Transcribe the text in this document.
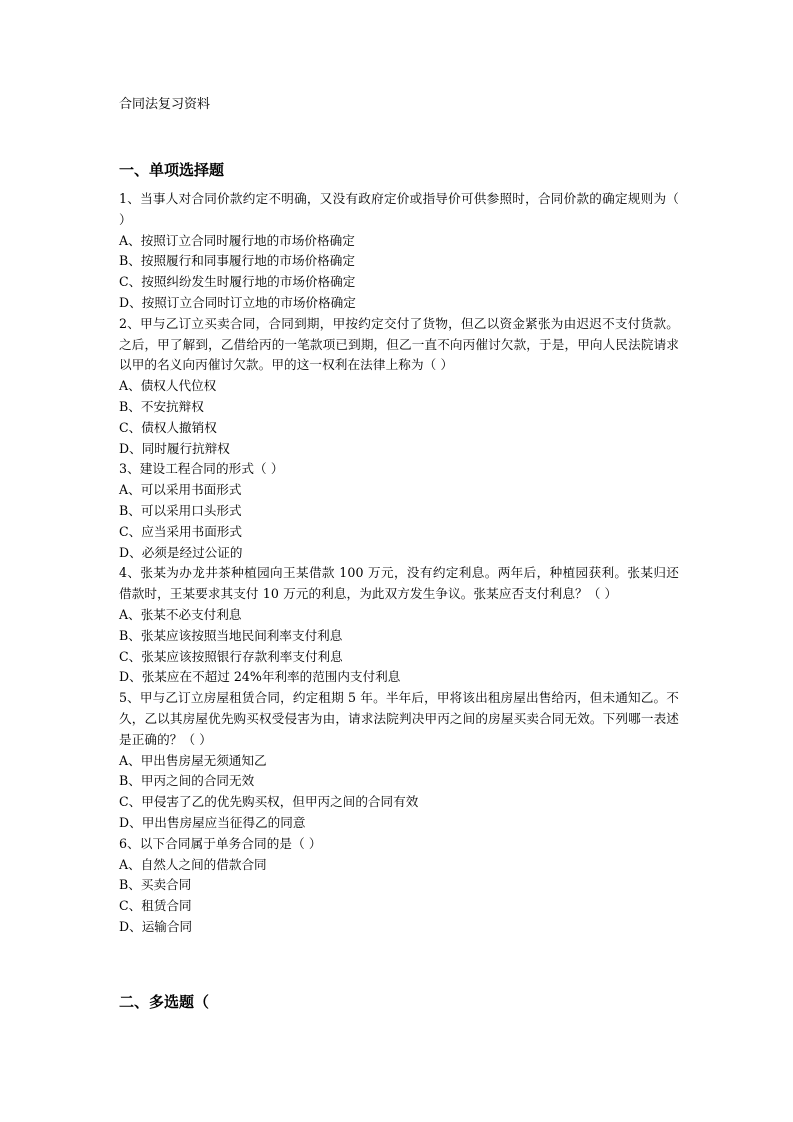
合同法复习资料
一、单项选择题

1、当事人对合同价款约定不明确，又没有政府定价或指导价可供参照时，合同价款的确定规则为（ ）

A、按照订立合同时履行地的市场价格确定

B、按照履行和同事履行地的市场价格确定

C、按照纠纷发生时履行地的市场价格确定

D、按照订立合同时订立地的市场价格确定

2、甲与乙订立买卖合同，合同到期，甲按约定交付了货物，但乙以资金紧张为由迟迟不支付货款。之后，甲了解到，乙借给丙的一笔款项已到期，但乙一直不向丙催讨欠款，于是，甲向人民法院请求以甲的名义向丙催讨欠款。甲的这一权利在法律上称为（ ）

A、债权人代位权

B、不安抗辩权

C、债权人撤销权

D、同时履行抗辩权

3、建设工程合同的形式（ ）

A、可以采用书面形式

B、可以采用口头形式

C、应当采用书面形式

D、必须是经过公证的

4、张某为办龙井茶种植园向王某借款 100 万元，没有约定利息。两年后，种植园获利。张某归还借款时，王某要求其支付 10 万元的利息，为此双方发生争议。张某应否支付利息？（ ）

A、张某不必支付利息

B、张某应该按照当地民间利率支付利息

C、张某应该按照银行存款利率支付利息

D、张某应在不超过 24%年利率的范围内支付利息

5、甲与乙订立房屋租赁合同，约定租期 5 年。半年后，甲将该出租房屋出售给丙，但未通知乙。不久，乙以其房屋优先购买权受侵害为由，请求法院判决甲丙之间的房屋买卖合同无效。下列哪一表述是正确的？（ ）

A、甲出售房屋无须通知乙

B、甲丙之间的合同无效

C、甲侵害了乙的优先购买权，但甲丙之间的合同有效

D、甲出售房屋应当征得乙的同意

6、以下合同属于单务合同的是（ ）

A、自然人之间的借款合同

B、买卖合同

C、租赁合同

D、运输合同

二、多选题（
